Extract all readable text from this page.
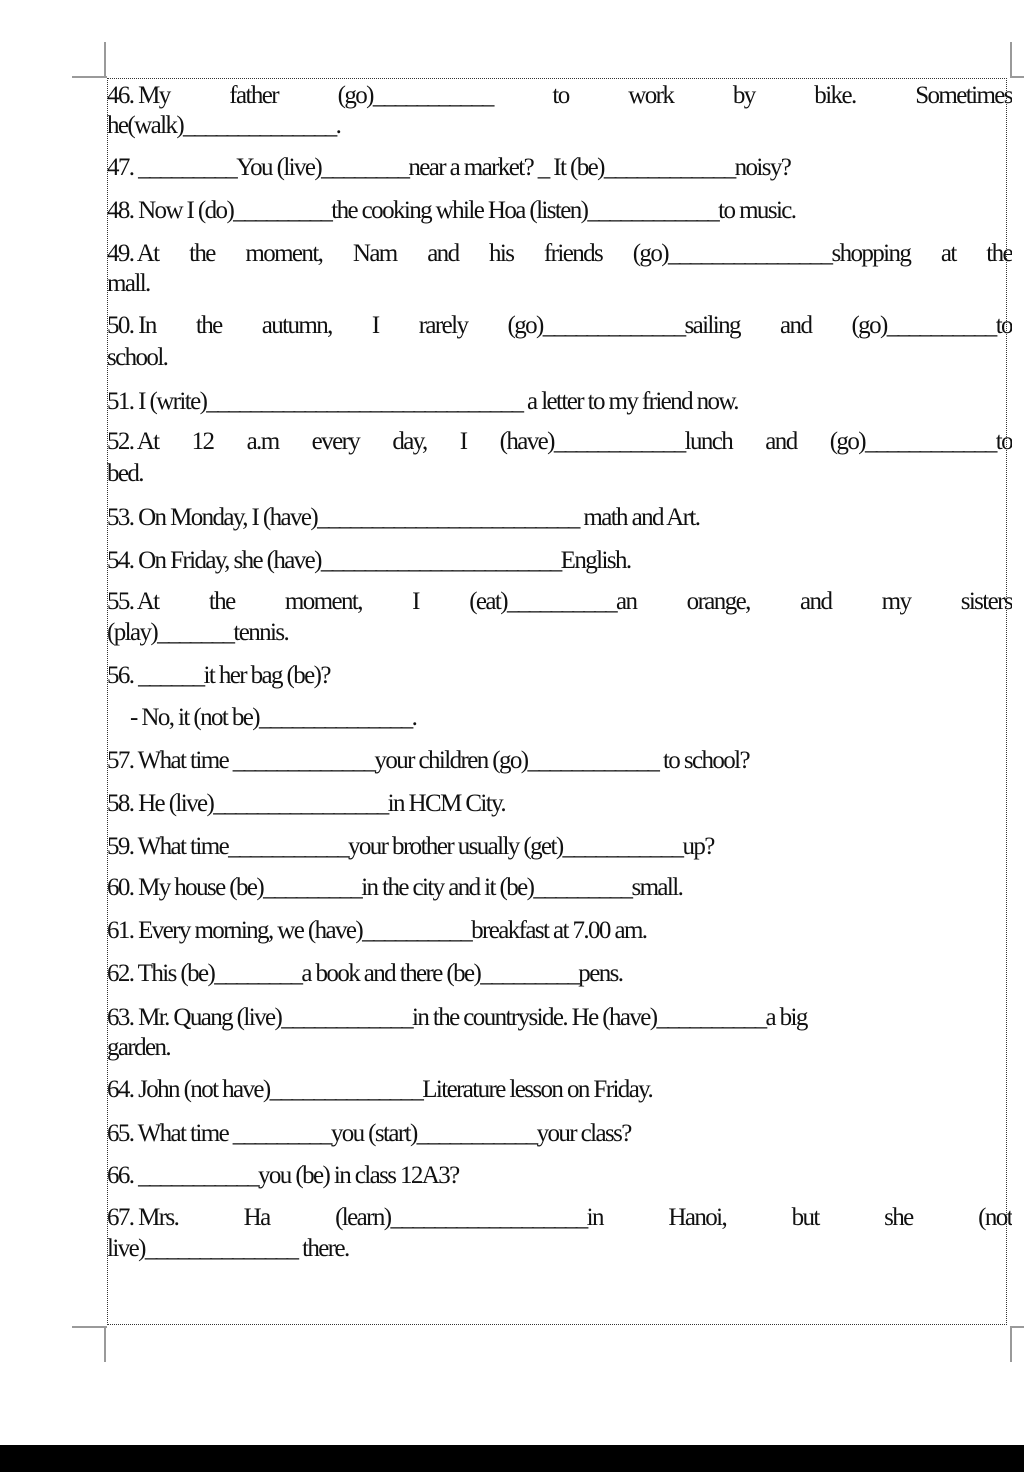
46. My father (go)___________ to work by bike. Sometimes
he(walk)______________.
47. _________You (live)________near a market? _ It (be)____________noisy?
48. Now I (do)_________the cooking while Hoa (listen)____________to music.
49. At the moment, Nam and his friends (go)_______________shopping at the
mall.
50. In the autumn, I rarely (go)_____________sailing and (go)__________to
school.
51. I (write)_____________________________ a letter to my friend now.
52. At 12 a.m every day, I (have)____________lunch and (go)____________to
bed.
53. On Monday, I (have)________________________ math and Art.
54. On Friday, she (have)______________________English.
55. At the moment, I (eat)__________an orange, and my sisters
(play)_______tennis.
56. ______it her bag (be)?
- No, it (not be)______________.
57. What time _____________your children (go)____________ to school?
58. He (live)________________in HCM City.
59. What time___________your brother usually (get)___________up?
60. My house (be)_________in the city and it (be)_________small.
61. Every morning, we (have)__________breakfast at 7.00 am.
62. This (be)________a book and there (be)_________pens.
63. Mr. Quang (live)____________in the countryside. He (have)__________a big
garden.
64. John (not have)______________Literature lesson on Friday.
65. What time _________you (start)___________your class?
66. ___________you (be) in class 12A3?
67. Mrs.	Ha	(learn)__________________in	Hanoi,	but	she	(not
live)______________ there.
